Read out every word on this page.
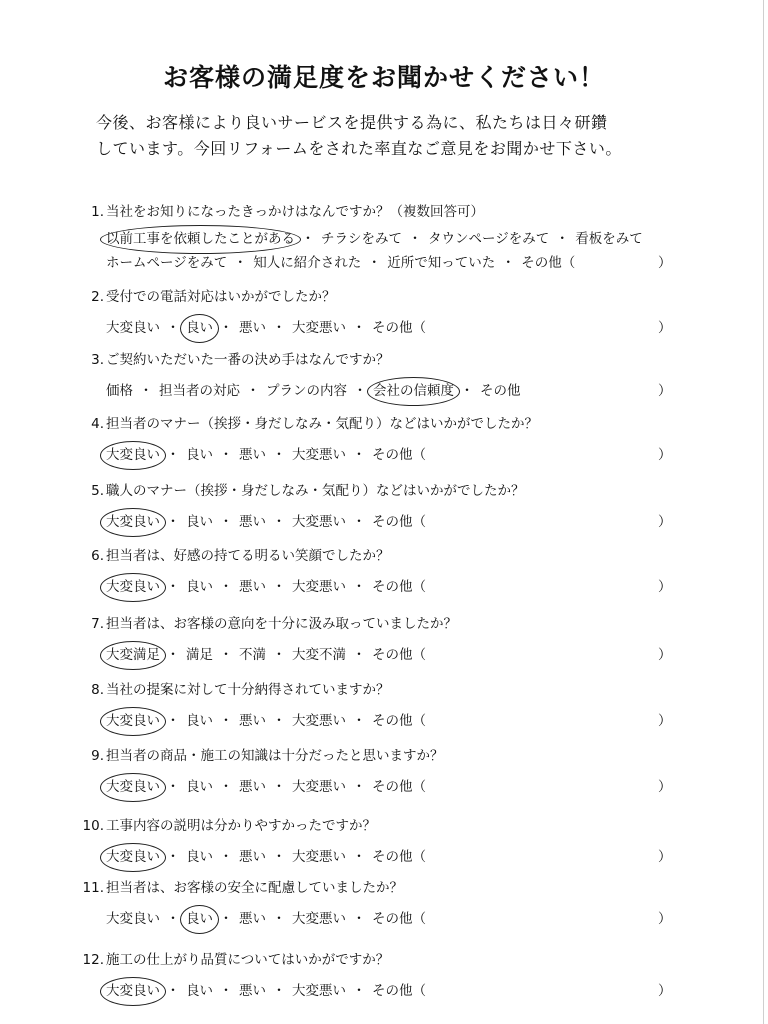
お客様の満足度をお聞かせください！
今後、お客様により良いサービスを提供する為に、私たちは日々研鑽
しています。今回リフォームをされた率直なご意見をお聞かせ下さい。
1. 当社をお知りになったきっかけはなんですか？（複数回答可）
以前工事を依頼したことがある ・ チラシをみて ・ タウンページをみて ・ 看板をみて
ホームページをみて ・ 知人に紹介された ・ 近所で知っていた ・ その他（	）
2. 受付での電話対応はいかがでしたか？
大変良い ・ 良い ・ 悪い ・ 大変悪い ・ その他（	）
3. ご契約いただいた一番の決め手はなんですか？
価格 ・ 担当者の対応 ・ プランの内容 ・ 会社の信頼度 ・ その他	）
4. 担当者のマナー（挨拶・身だしなみ・気配り）などはいかがでしたか？
大変良い ・ 良い ・ 悪い ・ 大変悪い ・ その他（	）
5. 職人のマナー（挨拶・身だしなみ・気配り）などはいかがでしたか？
大変良い ・ 良い ・ 悪い ・ 大変悪い ・ その他（	）
6. 担当者は、好感の持てる明るい笑顔でしたか？
大変良い ・ 良い ・ 悪い ・ 大変悪い ・ その他（	）
7. 担当者は、お客様の意向を十分に汲み取っていましたか？
大変満足 ・ 満足 ・ 不満 ・ 大変不満 ・ その他（	）
8. 当社の提案に対して十分納得されていますか？
大変良い ・ 良い ・ 悪い ・ 大変悪い ・ その他（	）
9. 担当者の商品・施工の知識は十分だったと思いますか？
大変良い ・ 良い ・ 悪い ・ 大変悪い ・ その他（	）
10. 工事内容の説明は分かりやすかったですか？
大変良い ・ 良い ・ 悪い ・ 大変悪い ・ その他（	）
11. 担当者は、お客様の安全に配慮していましたか？
大変良い ・ 良い ・ 悪い ・ 大変悪い ・ その他（	）
12. 施工の仕上がり品質についてはいかがですか？
大変良い ・ 良い ・ 悪い ・ 大変悪い ・ その他（	）
